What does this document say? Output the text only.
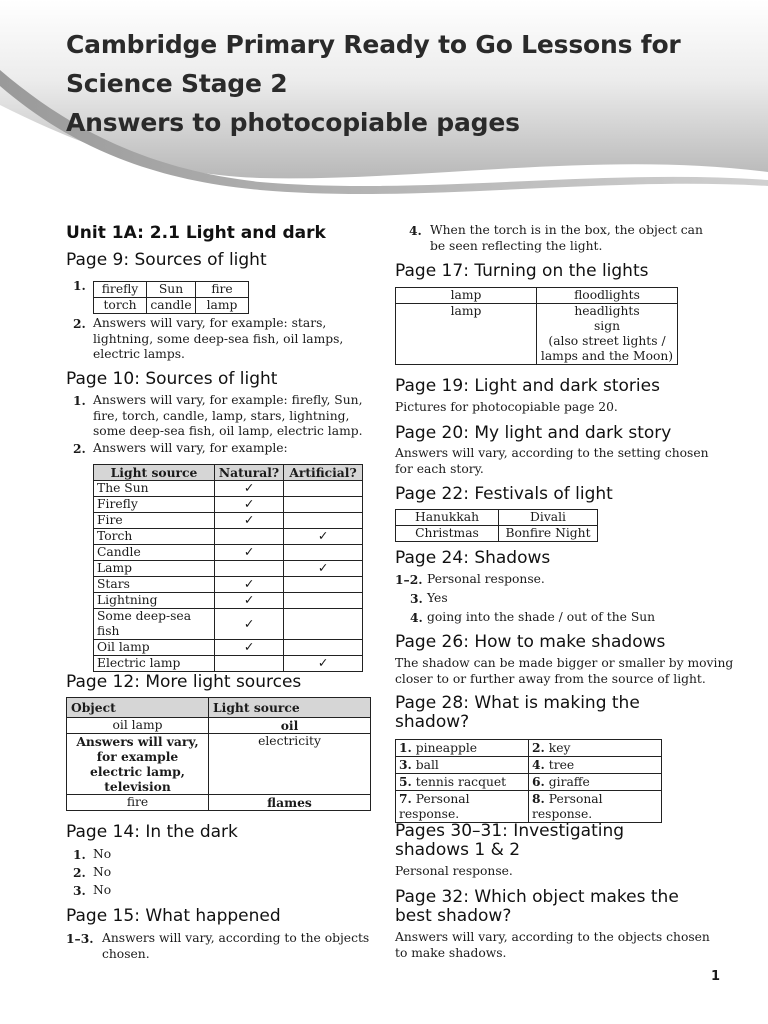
Cambridge Primary Ready to Go Lessons for
Science Stage 2
Answers to photocopiable pages
Unit 1A: 2.1 Light and dark
Page 9: Sources of light
1. firefly	Sun	fire
torch	candle	lamp
2. Answers will vary, for example: stars,
lightning, some deep-sea fish, oil lamps,
electric lamps.
Page 10: Sources of light
1. Answers will vary, for example: firefly, Sun,
fire, torch, candle, lamp, stars, lightning,
some deep-sea fish, oil lamp, electric lamp.
2. Answers will vary, for example:
Light source	Natural?	Artificial?
The Sun	✓	
Firefly	✓	
Fire	✓	
Torch		✓
Candle	✓	
Lamp		✓
Stars	✓	
Lightning	✓	
Some deep-sea fish	✓	
Oil lamp	✓	
Electric lamp		✓
Page 12: More light sources
Object	Light source
oil lamp	oil

Answers will vary,
for example
electric lamp,
television	electricity
fire	flames
Page 14: In the dark
1. No
2. No
3. No
Page 15: What happened
1–3. Answers will vary, according to the objects
chosen.
4. When the torch is in the box, the object can
be seen reflecting the light.
Page 17: Turning on the lights
lamp	floodlights
lamp	headlights
sign
(also street lights /
lamps and the Moon)
Page 19: Light and dark stories
Pictures for photocopiable page 20.
Page 20: My light and dark story
Answers will vary, according to the setting chosen
for each story.
Page 22: Festivals of light
Hanukkah	Divali
Christmas	Bonfire Night
Page 24: Shadows
1–2. Personal response.
3. Yes
4. going into the shade / out of the Sun
Page 26: How to make shadows
The shadow can be made bigger or smaller by moving
closer to or further away from the source of light.
Page 28: What is making the
shadow?
1. pineapple	2. key
3. ball	4. tree
5. tennis racquet	6. giraffe
7. Personal response.	8. Personal response.
Pages 30–31: Investigating
shadows 1 & 2
Personal response.
Page 32: Which object makes the
best shadow?
Answers will vary, according to the objects chosen
to make shadows.
1
